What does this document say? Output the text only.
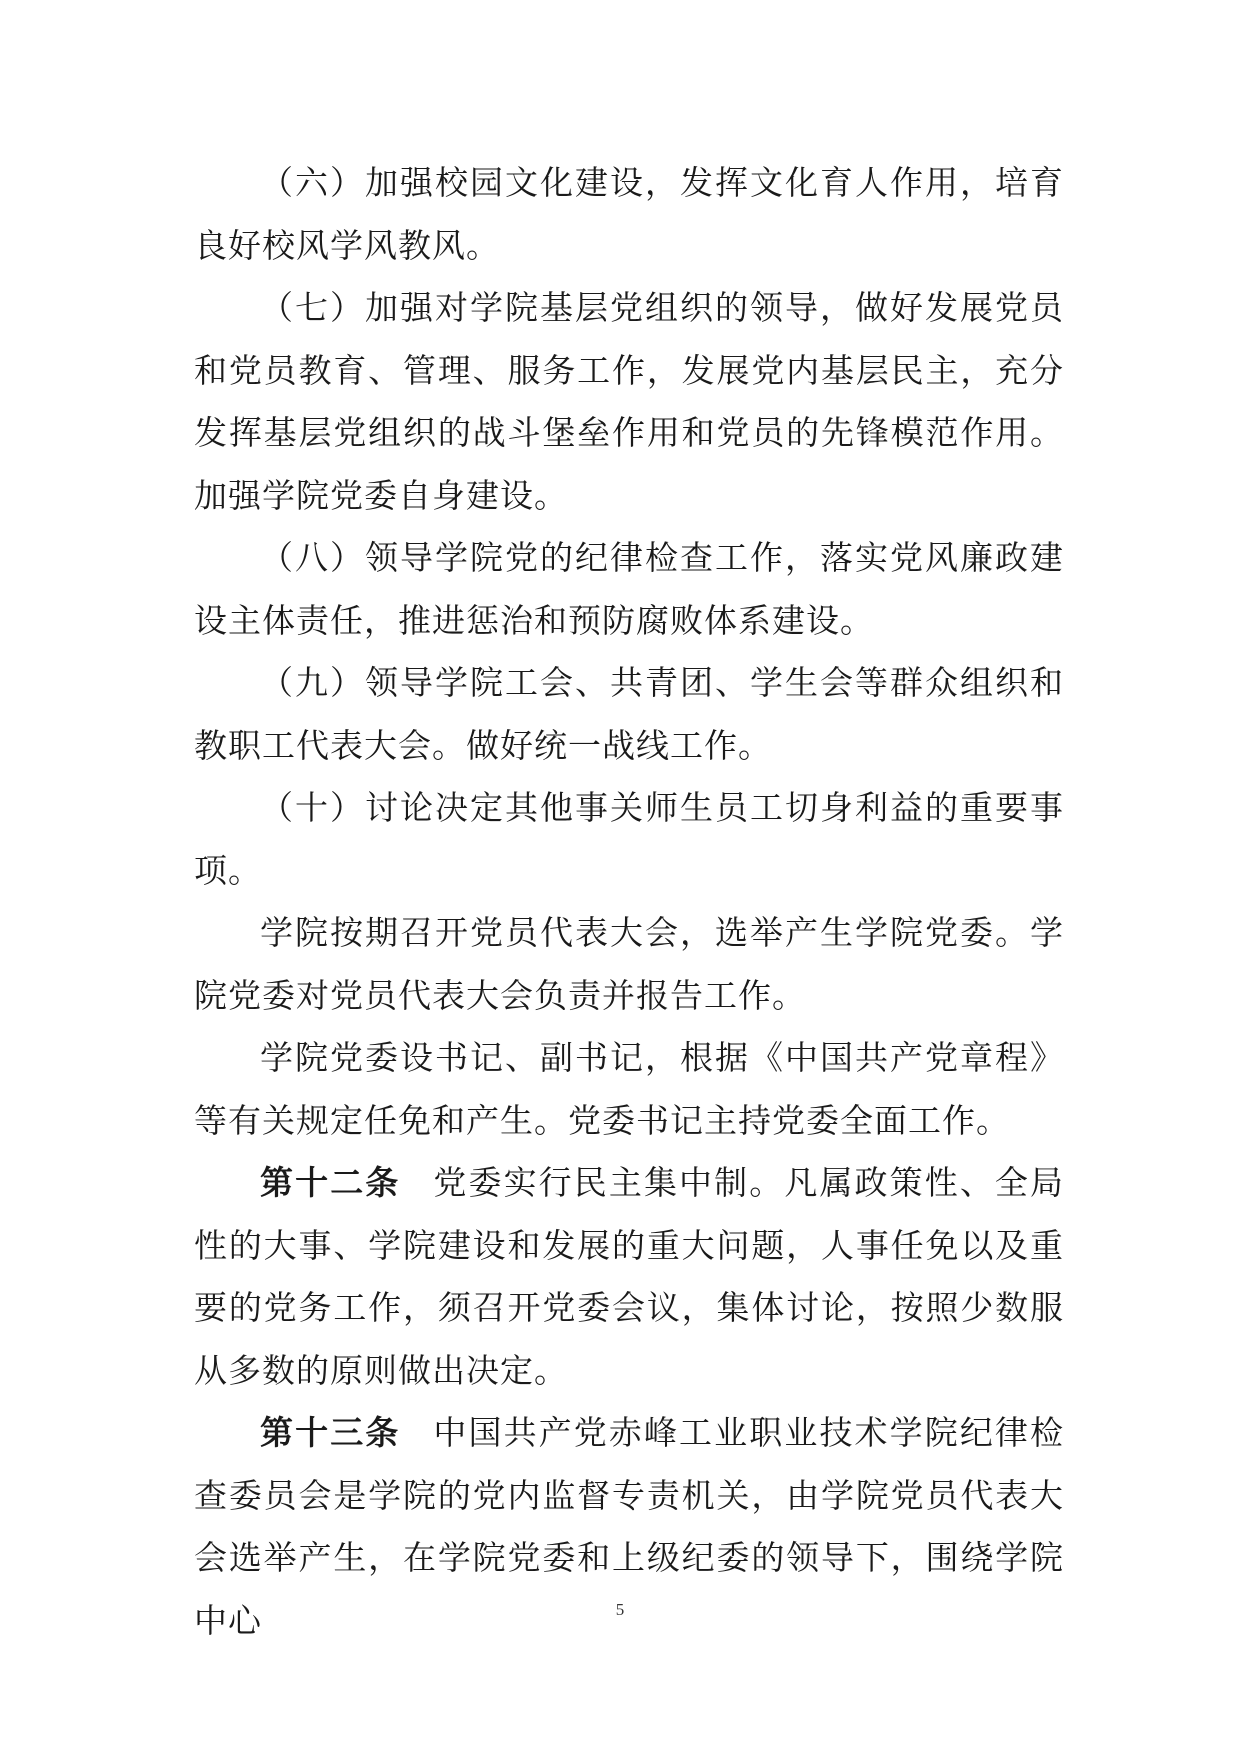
（六）加强校园文化建设，发挥文化育人作用，培育良好校风学风教风。

（七）加强对学院基层党组织的领导，做好发展党员和党员教育、管理、服务工作，发展党内基层民主，充分发挥基层党组织的战斗堡垒作用和党员的先锋模范作用。加强学院党委自身建设。

（八）领导学院党的纪律检查工作，落实党风廉政建设主体责任，推进惩治和预防腐败体系建设。

（九）领导学院工会、共青团、学生会等群众组织和教职工代表大会。做好统一战线工作。

（十）讨论决定其他事关师生员工切身利益的重要事项。

学院按期召开党员代表大会，选举产生学院党委。学院党委对党员代表大会负责并报告工作。

学院党委设书记、副书记，根据《中国共产党章程》等有关规定任免和产生。党委书记主持党委全面工作。

第十二条 党委实行民主集中制。凡属政策性、全局性的大事、学院建设和发展的重大问题，人事任免以及重要的党务工作，须召开党委会议，集体讨论，按照少数服从多数的原则做出决定。

第十三条 中国共产党赤峰工业职业技术学院纪律检查委员会是学院的党内监督专责机关，由学院党员代表大会选举产生，在学院党委和上级纪委的领导下，围绕学院中心	5
